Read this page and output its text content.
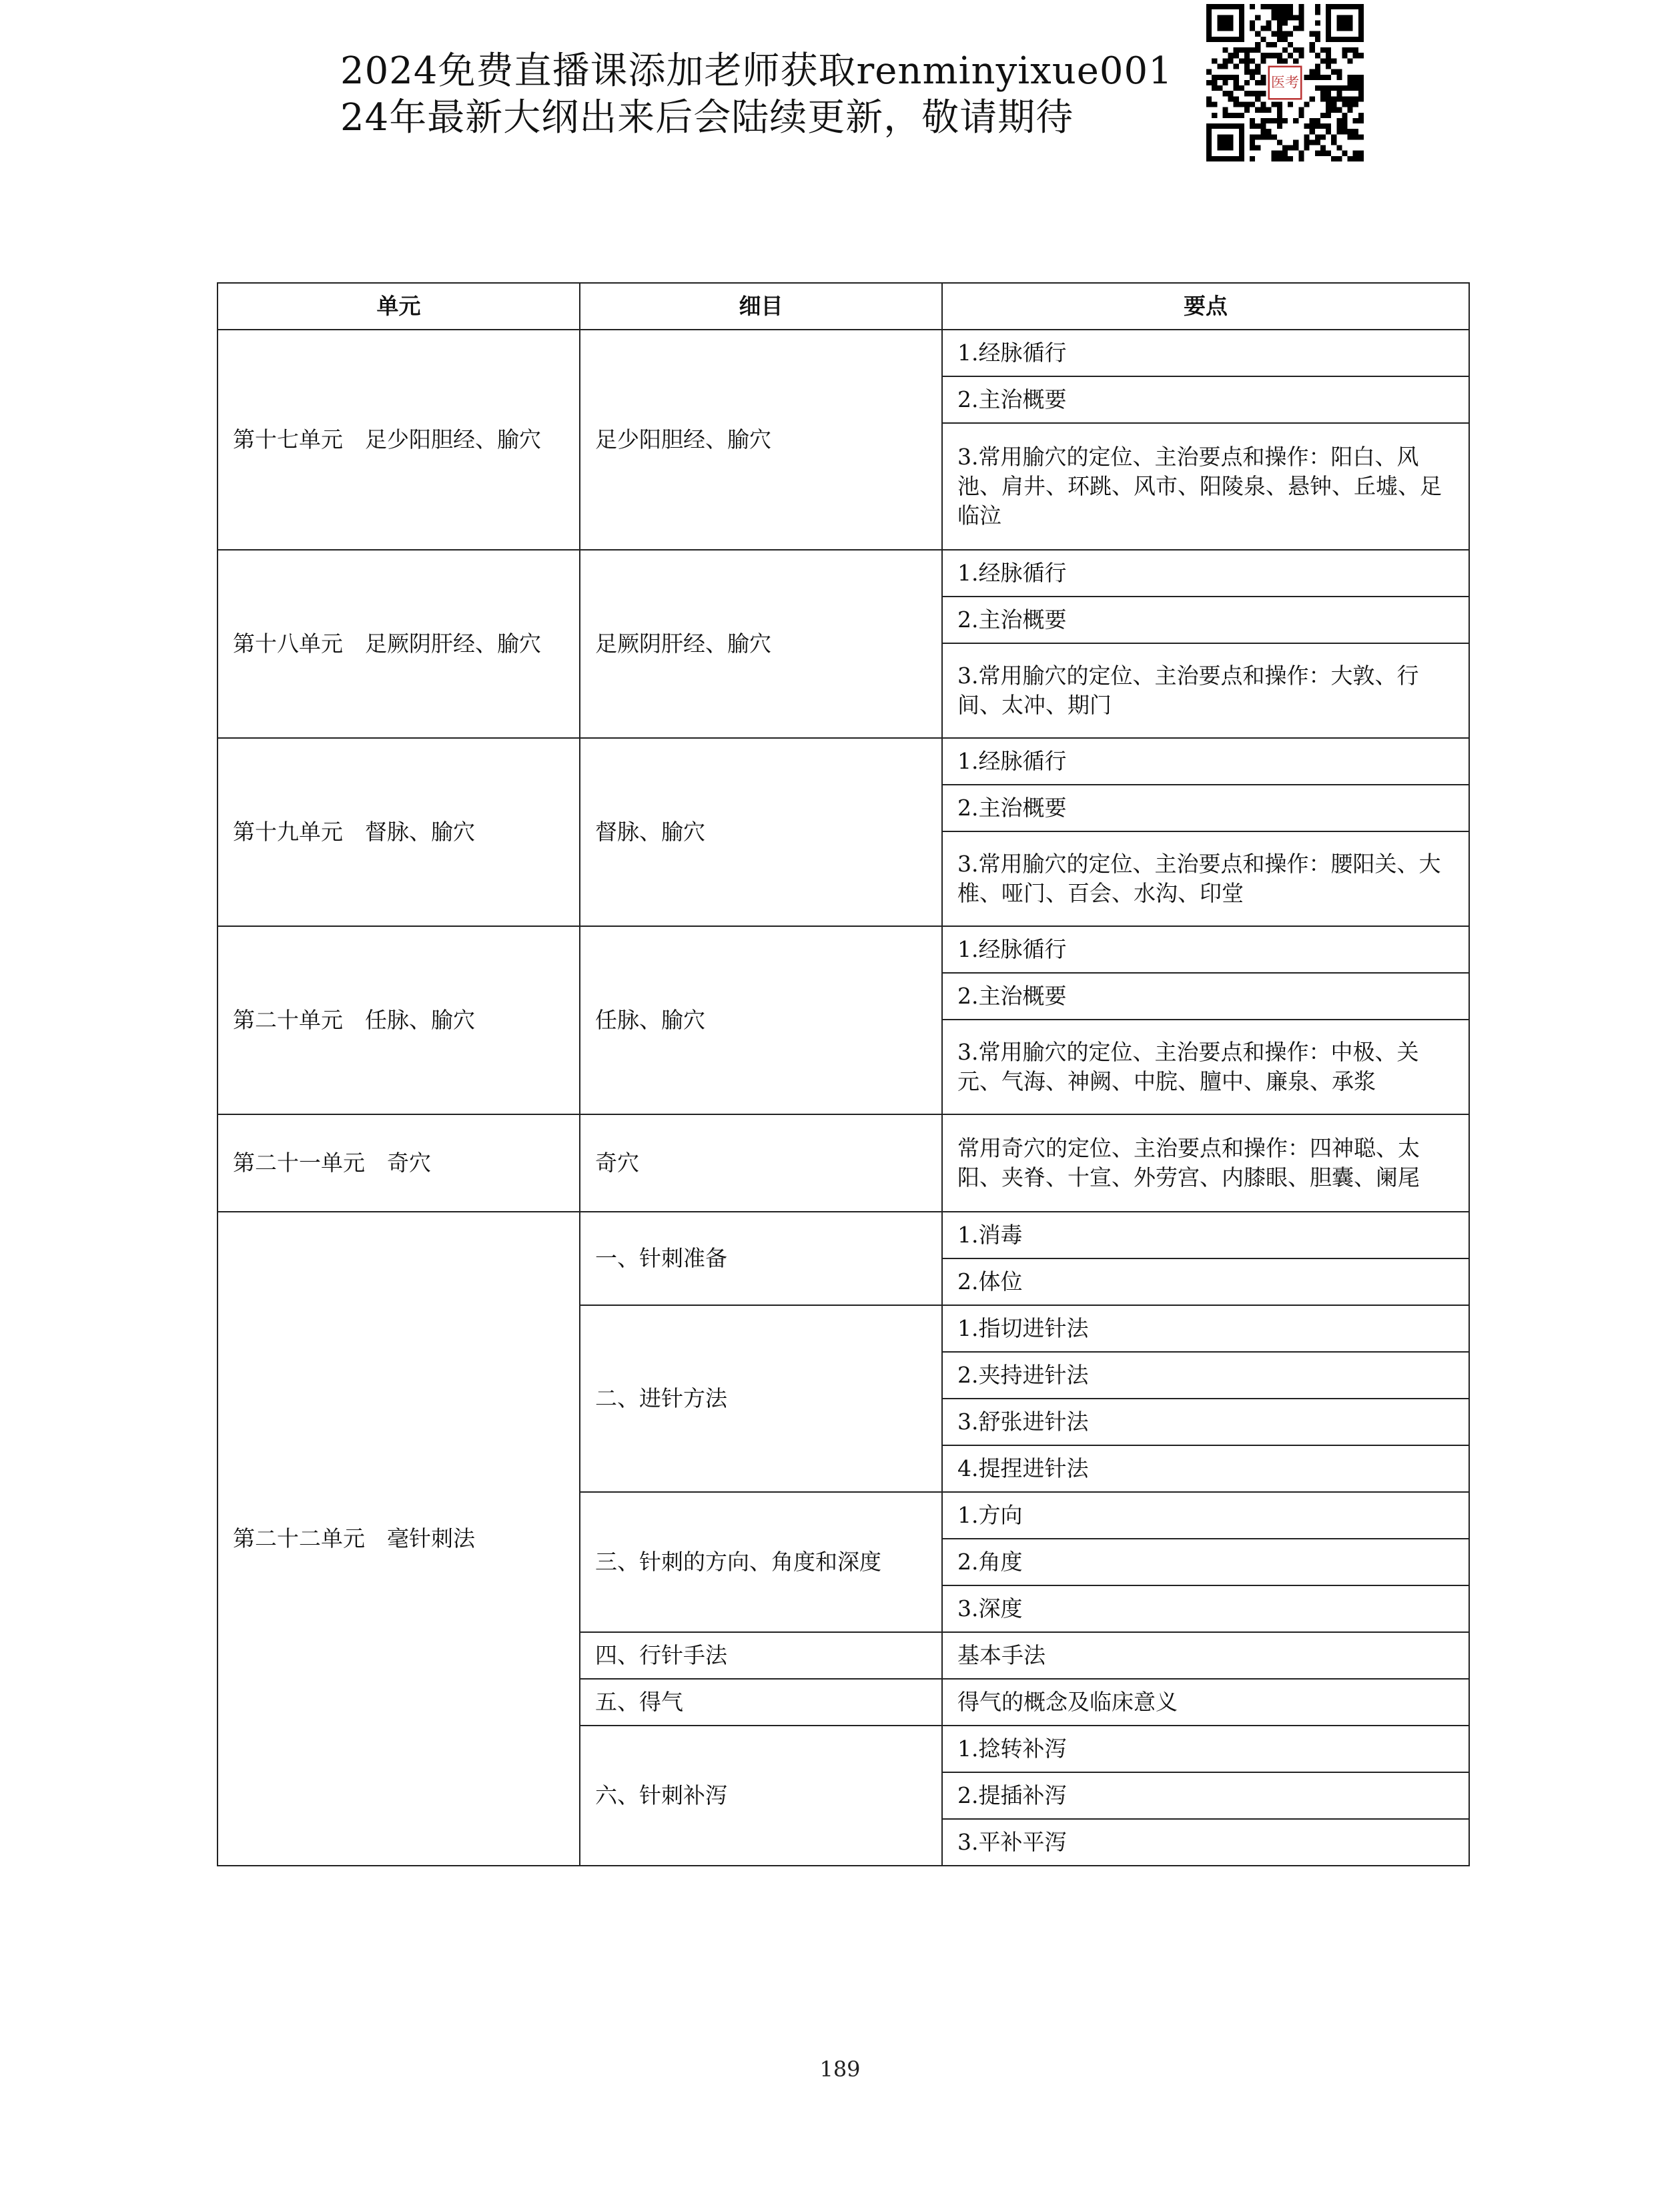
2024免费直播课添加老师获取renminyixue001
24年最新大纲出来后会陆续更新，敬请期待
医考
单元	细目	要点
第十七单元　足少阳胆经、腧穴	足少阳胆经、腧穴	1.经脉循行
		2.主治概要
		3.常用腧穴的定位、主治要点和操作：阳白、风池、肩井、环跳、风市、阳陵泉、悬钟、丘墟、足临泣
第十八单元　足厥阴肝经、腧穴	足厥阴肝经、腧穴	1.经脉循行
		2.主治概要
		3.常用腧穴的定位、主治要点和操作：大敦、行间、太冲、期门
第十九单元　督脉、腧穴	督脉、腧穴	1.经脉循行
		2.主治概要
		3.常用腧穴的定位、主治要点和操作：腰阳关、大椎、哑门、百会、水沟、印堂
第二十单元　任脉、腧穴	任脉、腧穴	1.经脉循行
		2.主治概要
		3.常用腧穴的定位、主治要点和操作：中极、关元、气海、神阙、中脘、膻中、廉泉、承浆
第二十一单元　奇穴	奇穴	常用奇穴的定位、主治要点和操作：四神聪、太阳、夹脊、十宣、外劳宫、内膝眼、胆囊、阑尾
第二十二单元　毫针刺法	一、针刺准备	1.消毒
		2.体位
	二、进针方法	1.指切进针法
		2.夹持进针法
		3.舒张进针法
		4.提捏进针法
	三、针刺的方向、角度和深度	1.方向
		2.角度
		3.深度
	四、行针手法	基本手法
	五、得气	得气的概念及临床意义
	六、针刺补泻	1.捻转补泻
		2.提插补泻
		3.平补平泻
189
